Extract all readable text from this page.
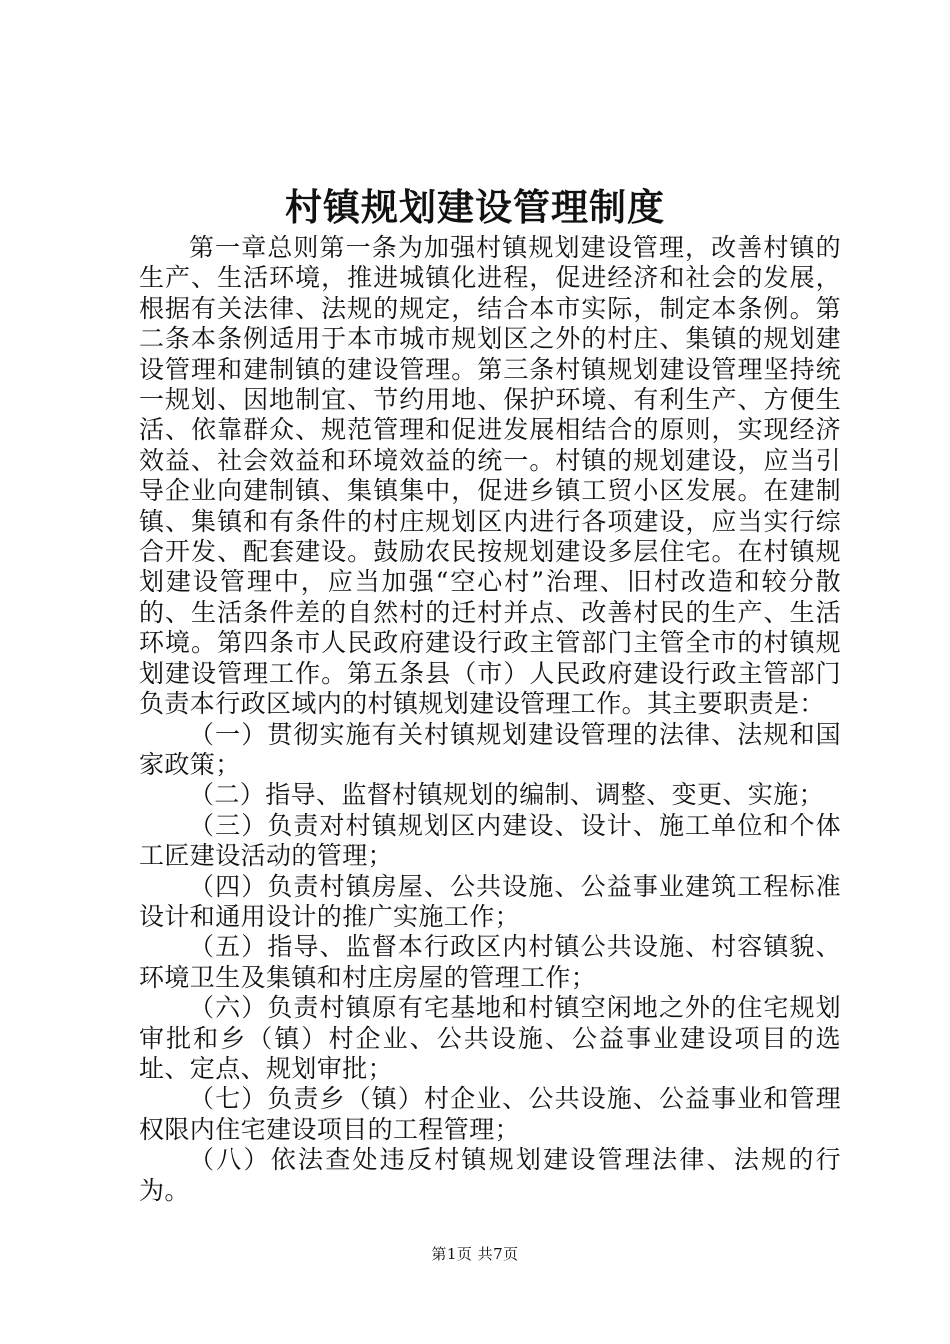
村镇规划建设管理制度

第一章总则第一条为加强村镇规划建设管理，改善村镇的生产、生活环境，推进城镇化进程，促进经济和社会的发展，根据有关法律、法规的规定，结合本市实际，制定本条例。第二条本条例适用于本市城市规划区之外的村庄、集镇的规划建设管理和建制镇的建设管理。第三条村镇规划建设管理坚持统一规划、因地制宜、节约用地、保护环境、有利生产、方便生活、依靠群众、规范管理和促进发展相结合的原则，实现经济效益、社会效益和环境效益的统一。村镇的规划建设，应当引导企业向建制镇、集镇集中，促进乡镇工贸小区发展。在建制镇、集镇和有条件的村庄规划区内进行各项建设，应当实行综合开发、配套建设。鼓励农民按规划建设多层住宅。在村镇规划建设管理中，应当加强“空心村”治理、旧村改造和较分散的、生活条件差的自然村的迁村并点、改善村民的生产、生活环境。第四条市人民政府建设行政主管部门主管全市的村镇规划建设管理工作。第五条县（市）人民政府建设行政主管部门负责本行政区域内的村镇规划建设管理工作。其主要职责是：

（一）贯彻实施有关村镇规划建设管理的法律、法规和国家政策；

（二）指导、监督村镇规划的编制、调整、变更、实施；

（三）负责对村镇规划区内建设、设计、施工单位和个体工匠建设活动的管理；

（四）负责村镇房屋、公共设施、公益事业建筑工程标准设计和通用设计的推广实施工作；

（五）指导、监督本行政区内村镇公共设施、村容镇貌、环境卫生及集镇和村庄房屋的管理工作；

（六）负责村镇原有宅基地和村镇空闲地之外的住宅规划审批和乡（镇）村企业、公共设施、公益事业建设项目的选址、定点、规划审批；

（七）负责乡（镇）村企业、公共设施、公益事业和管理权限内住宅建设项目的工程管理；

（八）依法查处违反村镇规划建设管理法律、法规的行为。

第1页 共7页
